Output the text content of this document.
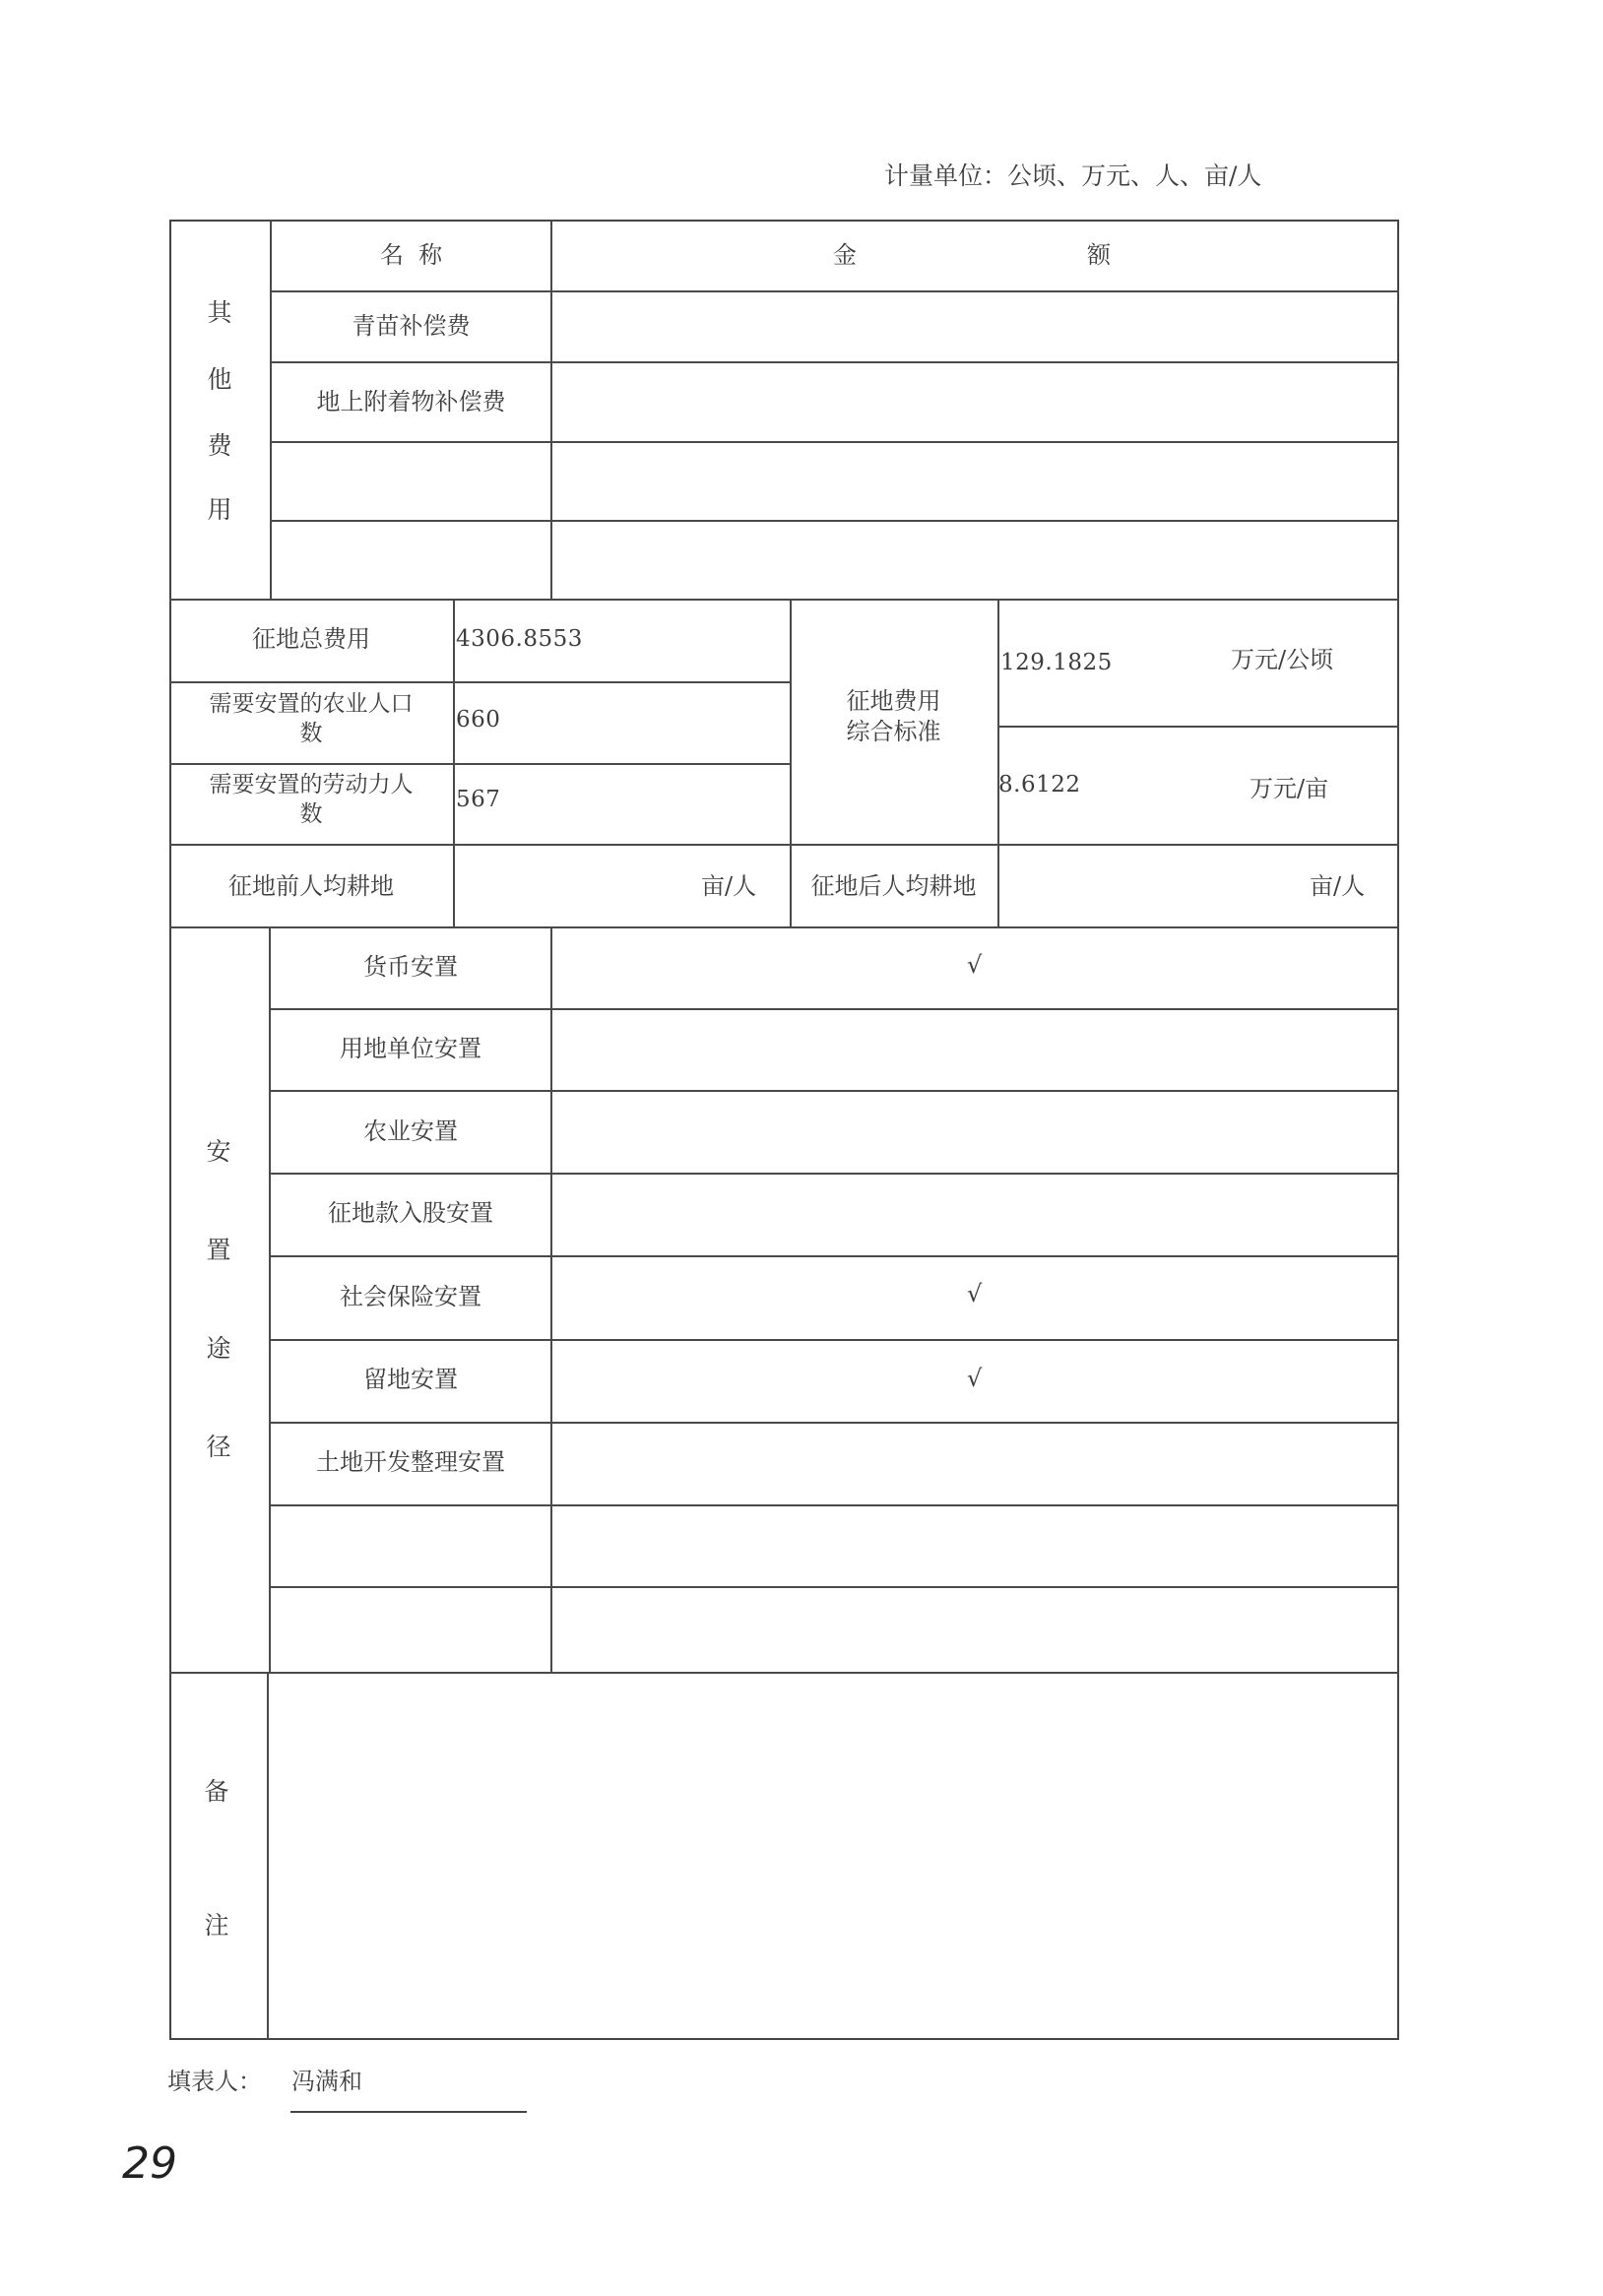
计量单位：公顷、万元、人、亩/人
其
他
费
用
名  称	金	额
青苗补偿费
地上附着物补偿费
征地总费用	4306.8553
需要安置的农业人口
数
660
需要安置的劳动力人
数
567
征地费用
综合标准
129.1825	万元/公顷
8.6122	万元/亩
征地前人均耕地	亩/人	征地后人均耕地	亩/人
安
置
途
径
货币安置	√
用地单位安置
农业安置
征地款入股安置
社会保险安置	√
留地安置	√
土地开发整理安置
备
注
填表人： 冯满和
29
